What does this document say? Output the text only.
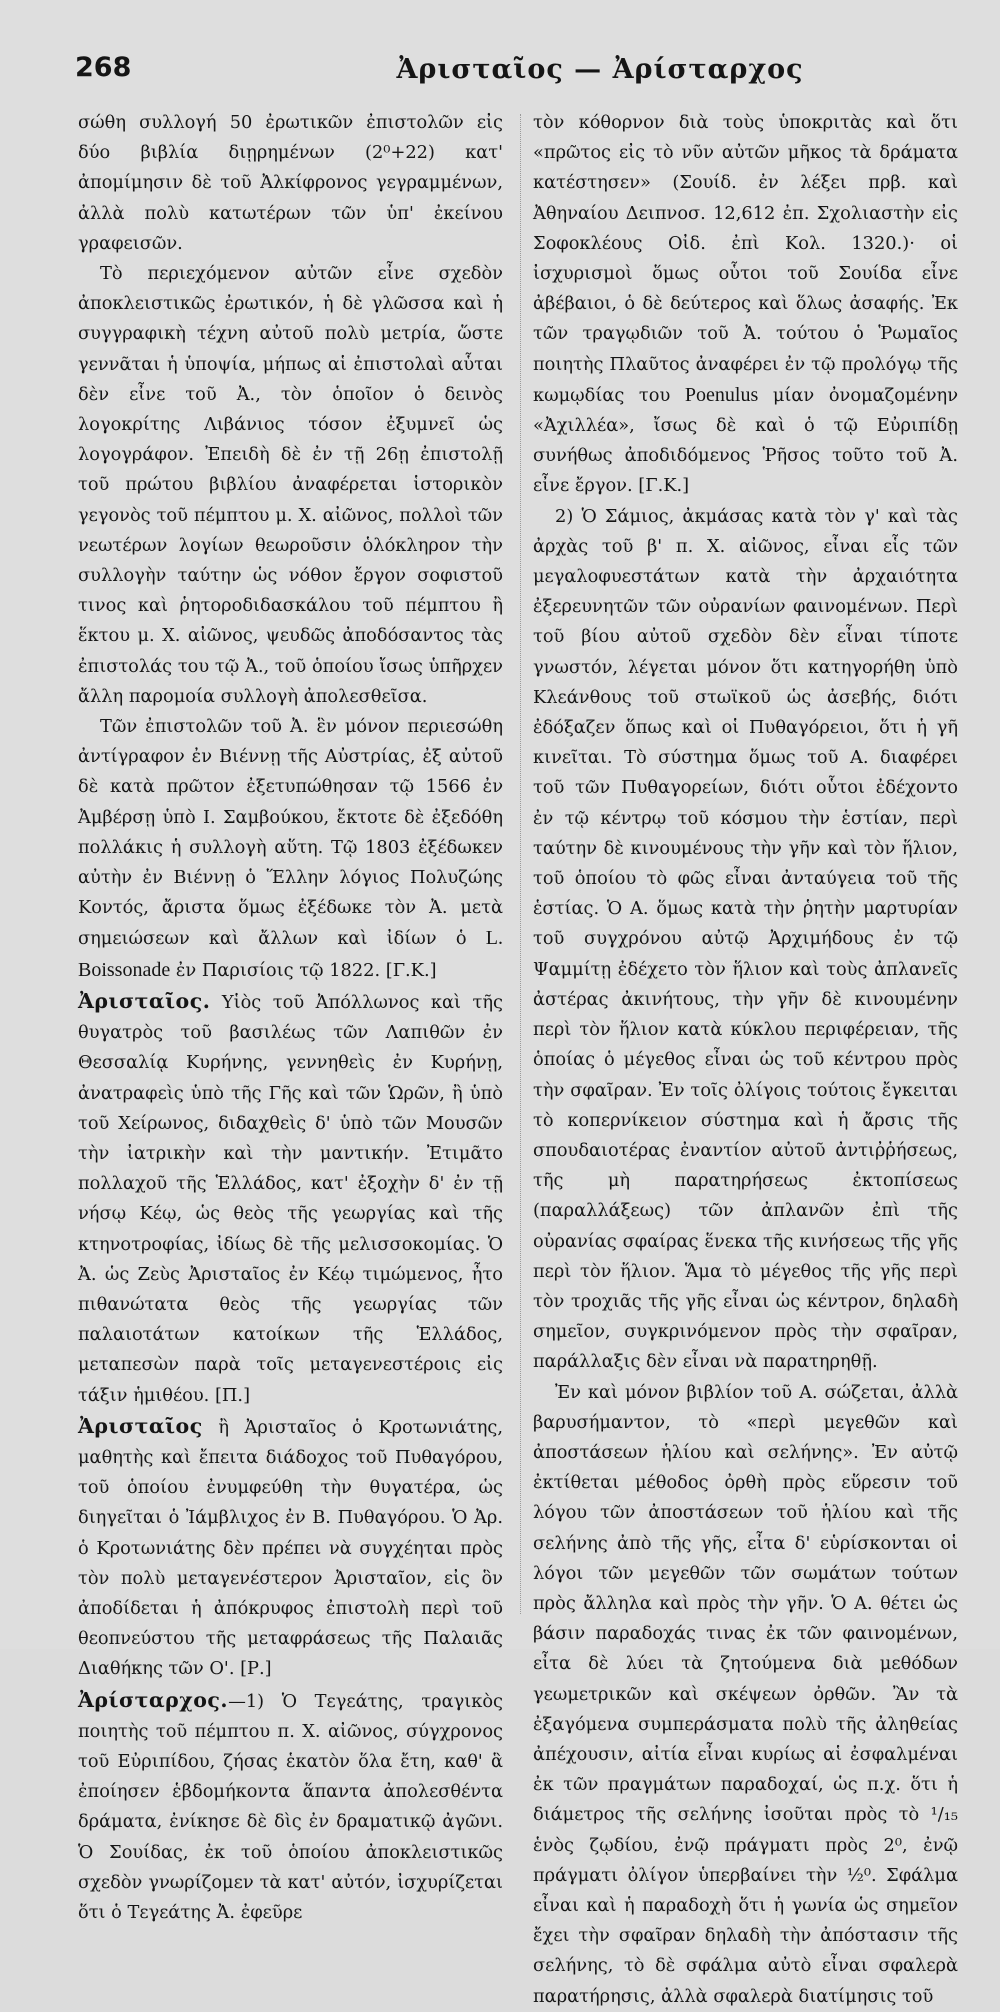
268	Ἀρισταῖος — Ἀρίσταρχος

σώθη συλλογή 50 ἐρωτικῶν ἐπιστολῶν εἰς δύο βιβλία διῃρημένων (2⁰+22) κατ' ἀπομίμησιν δὲ τοῦ Ἀλκίφρονος γεγραμμένων, ἀλλὰ πολὺ κατωτέρων τῶν ὑπ' ἐκείνου γραφεισῶν.

Τὸ περιεχόμενον αὐτῶν εἶνε σχεδὸν ἀποκλειστικῶς ἐρωτικόν, ἡ δὲ γλῶσσα καὶ ἡ συγγραφικὴ τέχνη αὐτοῦ πολὺ μετρία, ὥστε γεννᾶται ἡ ὑποψία, μήπως αἱ ἐπιστολαὶ αὗται δὲν εἶνε τοῦ Ἀ., τὸν ὁποῖον ὁ δεινὸς λογοκρίτης Λιβάνιος τόσον ἐξυμνεῖ ὡς λογογράφον. Ἐπειδὴ δὲ ἐν τῇ 26ῃ ἐπιστολῇ τοῦ πρώτου βιβλίου ἀναφέρεται ἱστορικὸν γεγονὸς τοῦ πέμπτου μ. Χ. αἰῶνος, πολλοὶ τῶν νεωτέρων λογίων θεωροῦσιν ὁλόκληρον τὴν συλλογὴν ταύτην ὡς νόθον ἔργον σοφιστοῦ τινος καὶ ῥητοροδιδασκάλου τοῦ πέμπτου ἢ ἕκτου μ. Χ. αἰῶνος, ψευδῶς ἀποδόσαντος τὰς ἐπιστολάς του τῷ Ἀ., τοῦ ὁποίου ἴσως ὑπῆρχεν ἄλλη παρομοία συλλογὴ ἀπολεσθεῖσα.

Τῶν ἐπιστολῶν τοῦ Ἀ. ἓν μόνον περιεσώθη ἀντίγραφον ἐν Βιέννῃ τῆς Αὐστρίας, ἐξ αὐτοῦ δὲ κατὰ πρῶτον ἐξετυπώθησαν τῷ 1566 ἐν Ἀμβέρσῃ ὑπὸ Ι. Σαμβούκου, ἔκτοτε δὲ ἐξεδόθη πολλάκις ἡ συλλογὴ αὕτη. Τῷ 1803 ἐξέδωκεν αὐτὴν ἐν Βιέννῃ ὁ Ἕλλην λόγιος Πολυζώης Κοντός, ἄριστα ὅμως ἐξέδωκε τὸν Ἀ. μετὰ σημειώσεων καὶ ἄλλων καὶ ἰδίων ὁ L. Boissonade ἐν Παρισίοις τῷ 1822. [Γ.Κ.]

Ἀρισταῖος. Υἱὸς τοῦ Ἀπόλλωνος καὶ τῆς θυγατρὸς τοῦ βασιλέως τῶν Λαπιθῶν ἐν Θεσσαλίᾳ Κυρήνης, γεννηθεὶς ἐν Κυρήνῃ, ἀνατραφεὶς ὑπὸ τῆς Γῆς καὶ τῶν Ὡρῶν, ἢ ὑπὸ τοῦ Χείρωνος, διδαχθεὶς δ' ὑπὸ τῶν Μουσῶν τὴν ἰατρικὴν καὶ τὴν μαντικήν. Ἐτιμᾶτο πολλαχοῦ τῆς Ἑλλάδος, κατ' ἐξοχὴν δ' ἐν τῇ νήσῳ Κέῳ, ὡς θεὸς τῆς γεωργίας καὶ τῆς κτηνοτροφίας, ἰδίως δὲ τῆς μελισσοκομίας. Ὁ Ἀ. ὡς Ζεὺς Ἀρισταῖος ἐν Κέῳ τιμώμενος, ἦτο πιθανώτατα θεὸς τῆς γεωργίας τῶν παλαιοτάτων κατοίκων τῆς Ἑλλάδος, μεταπεσὼν παρὰ τοῖς μεταγενεστέροις εἰς τάξιν ἡμιθέου. [Π.]

Ἀρισταῖος ἢ Ἀρισταῖος ὁ Κροτωνιάτης, μαθητὴς καὶ ἔπειτα διάδοχος τοῦ Πυθαγόρου, τοῦ ὁποίου ἐνυμφεύθη τὴν θυγατέρα, ὡς διηγεῖται ὁ Ἰάμβλιχος ἐν Β. Πυθαγόρου. Ὁ Ἀρ. ὁ Κροτωνιάτης δὲν πρέπει νὰ συγχέηται πρὸς τὸν πολὺ μεταγενέστερον Ἀρισταῖον, εἰς ὃν ἀποδίδεται ἡ ἀπόκρυφος ἐπιστολὴ περὶ τοῦ θεοπνεύστου τῆς μεταφράσεως τῆς Παλαιᾶς Διαθήκης τῶν Ο'. [Ρ.]

Ἀρίσταρχος.—1) Ὁ Τεγεάτης, τραγικὸς ποιητὴς τοῦ πέμπτου π. Χ. αἰῶνος, σύγχρονος τοῦ Εὐριπίδου, ζήσας ἑκατὸν ὅλα ἔτη, καθ' ἃ ἐποίησεν ἑβδομήκοντα ἅπαντα ἀπολεσθέντα δράματα, ἐνίκησε δὲ δὶς ἐν δραματικῷ ἀγῶνι. Ὁ Σουίδας, ἐκ τοῦ ὁποίου ἀποκλειστικῶς σχεδὸν γνωρίζομεν τὰ κατ' αὐτόν, ἰσχυρίζεται ὅτι ὁ Τεγεάτης Ἀ. ἐφεῦρε

τὸν κόθορνον διὰ τοὺς ὑποκριτὰς καὶ ὅτι «πρῶτος εἰς τὸ νῦν αὐτῶν μῆκος τὰ δράματα κατέστησεν» (Σουίδ. ἐν λέξει πρβ. καὶ Ἀθηναίου Δειπνοσ. 12,612 ἐπ. Σχολιαστὴν εἰς Σοφοκλέους Οἰδ. ἐπὶ Κολ. 1320.)· οἱ ἰσχυρισμοὶ ὅμως οὗτοι τοῦ Σουίδα εἶνε ἀβέβαιοι, ὁ δὲ δεύτερος καὶ ὅλως ἀσαφής. Ἐκ τῶν τραγῳδιῶν τοῦ Ἀ. τούτου ὁ Ῥωμαῖος ποιητὴς Πλαῦτος ἀναφέρει ἐν τῷ προλόγῳ τῆς κωμῳδίας του Poenulus μίαν ὀνομαζομένην «Ἀχιλλέα», ἴσως δὲ καὶ ὁ τῷ Εὐριπίδῃ συνήθως ἀποδιδόμενος Ῥῆσος τοῦτο τοῦ Ἀ. εἶνε ἔργον. [Γ.Κ.]

2) Ὁ Σάμιος, ἀκμάσας κατὰ τὸν γ' καὶ τὰς ἀρχὰς τοῦ β' π. Χ. αἰῶνος, εἶναι εἷς τῶν μεγαλοφυεστάτων κατὰ τὴν ἀρχαιότητα ἐξερευνητῶν τῶν οὐρανίων φαινομένων. Περὶ τοῦ βίου αὐτοῦ σχεδὸν δὲν εἶναι τίποτε γνωστόν, λέγεται μόνον ὅτι κατηγορήθη ὑπὸ Κλεάνθους τοῦ στωϊκοῦ ὡς ἀσεβής, διότι ἐδόξαζεν ὅπως καὶ οἱ Πυθαγόρειοι, ὅτι ἡ γῆ κινεῖται. Τὸ σύστημα ὅμως τοῦ Α. διαφέρει τοῦ τῶν Πυθαγορείων, διότι οὗτοι ἐδέχοντο ἐν τῷ κέντρῳ τοῦ κόσμου τὴν ἑστίαν, περὶ ταύτην δὲ κινουμένους τὴν γῆν καὶ τὸν ἥλιον, τοῦ ὁποίου τὸ φῶς εἶναι ἀνταύγεια τοῦ τῆς ἑστίας. Ὁ Α. ὅμως κατὰ τὴν ῥητὴν μαρτυρίαν τοῦ συγχρόνου αὐτῷ Ἀρχιμήδους ἐν τῷ Ψαμμίτῃ ἐδέχετο τὸν ἥλιον καὶ τοὺς ἀπλανεῖς ἀστέρας ἀκινήτους, τὴν γῆν δὲ κινουμένην περὶ τὸν ἥλιον κατὰ κύκλου περιφέρειαν, τῆς ὁποίας ὁ μέγεθος εἶναι ὡς τοῦ κέντρου πρὸς τὴν σφαῖραν. Ἐν τοῖς ὀλίγοις τούτοις ἔγκειται τὸ κοπερνίκειον σύστημα καὶ ἡ ἄρσις τῆς σπουδαιοτέρας ἐναντίον αὐτοῦ ἀντιῤῥήσεως, τῆς μὴ παρατηρήσεως ἐκτοπίσεως (παραλλάξεως) τῶν ἀπλανῶν ἐπὶ τῆς οὐρανίας σφαίρας ἕνεκα τῆς κινήσεως τῆς γῆς περὶ τὸν ἥλιον. Ἅμα τὸ μέγεθος τῆς γῆς περὶ τὸν τροχιᾶς τῆς γῆς εἶναι ὡς κέντρον, δηλαδὴ σημεῖον, συγκρινόμενον πρὸς τὴν σφαῖραν, παράλλαξις δὲν εἶναι νὰ παρατηρηθῇ.

Ἐν καὶ μόνον βιβλίον τοῦ Α. σώζεται, ἀλλὰ βαρυσήμαντον, τὸ «περὶ μεγεθῶν καὶ ἀποστάσεων ἡλίου καὶ σελήνης». Ἐν αὐτῷ ἐκτίθεται μέθοδος ὀρθὴ πρὸς εὕρεσιν τοῦ λόγου τῶν ἀποστάσεων τοῦ ἡλίου καὶ τῆς σελήνης ἀπὸ τῆς γῆς, εἶτα δ' εὑρίσκονται οἱ λόγοι τῶν μεγεθῶν τῶν σωμάτων τούτων πρὸς ἄλληλα καὶ πρὸς τὴν γῆν. Ὁ Α. θέτει ὡς βάσιν παραδοχάς τινας ἐκ τῶν φαινομένων, εἶτα δὲ λύει τὰ ζητούμενα διὰ μεθόδων γεωμετρικῶν καὶ σκέψεων ὀρθῶν. Ἂν τὰ ἐξαγόμενα συμπεράσματα πολὺ τῆς ἀληθείας ἀπέχουσιν, αἰτία εἶναι κυρίως αἱ ἐσφαλμέναι ἐκ τῶν πραγμάτων παραδοχαί, ὡς π.χ. ὅτι ἡ διάμετρος τῆς σελήνης ἰσοῦται πρὸς τὸ ¹/₁₅ ἑνὸς ζῳδίου, ἐνῷ πράγματι πρὸς 2⁰, ἐνῷ πράγματι ὀλίγον ὑπερβαίνει τὴν ½⁰. Σφάλμα εἶναι καὶ ἡ παραδοχὴ ὅτι ἡ γωνία ὡς σημεῖον ἔχει τὴν σφαῖραν δηλαδὴ τὴν ἀπόστασιν τῆς σελήνης, τὸ δὲ σφάλμα αὐτὸ εἶναι σφαλερὰ παρατήρησις, ἀλλὰ σφαλερὰ διατίμησις τοῦ
